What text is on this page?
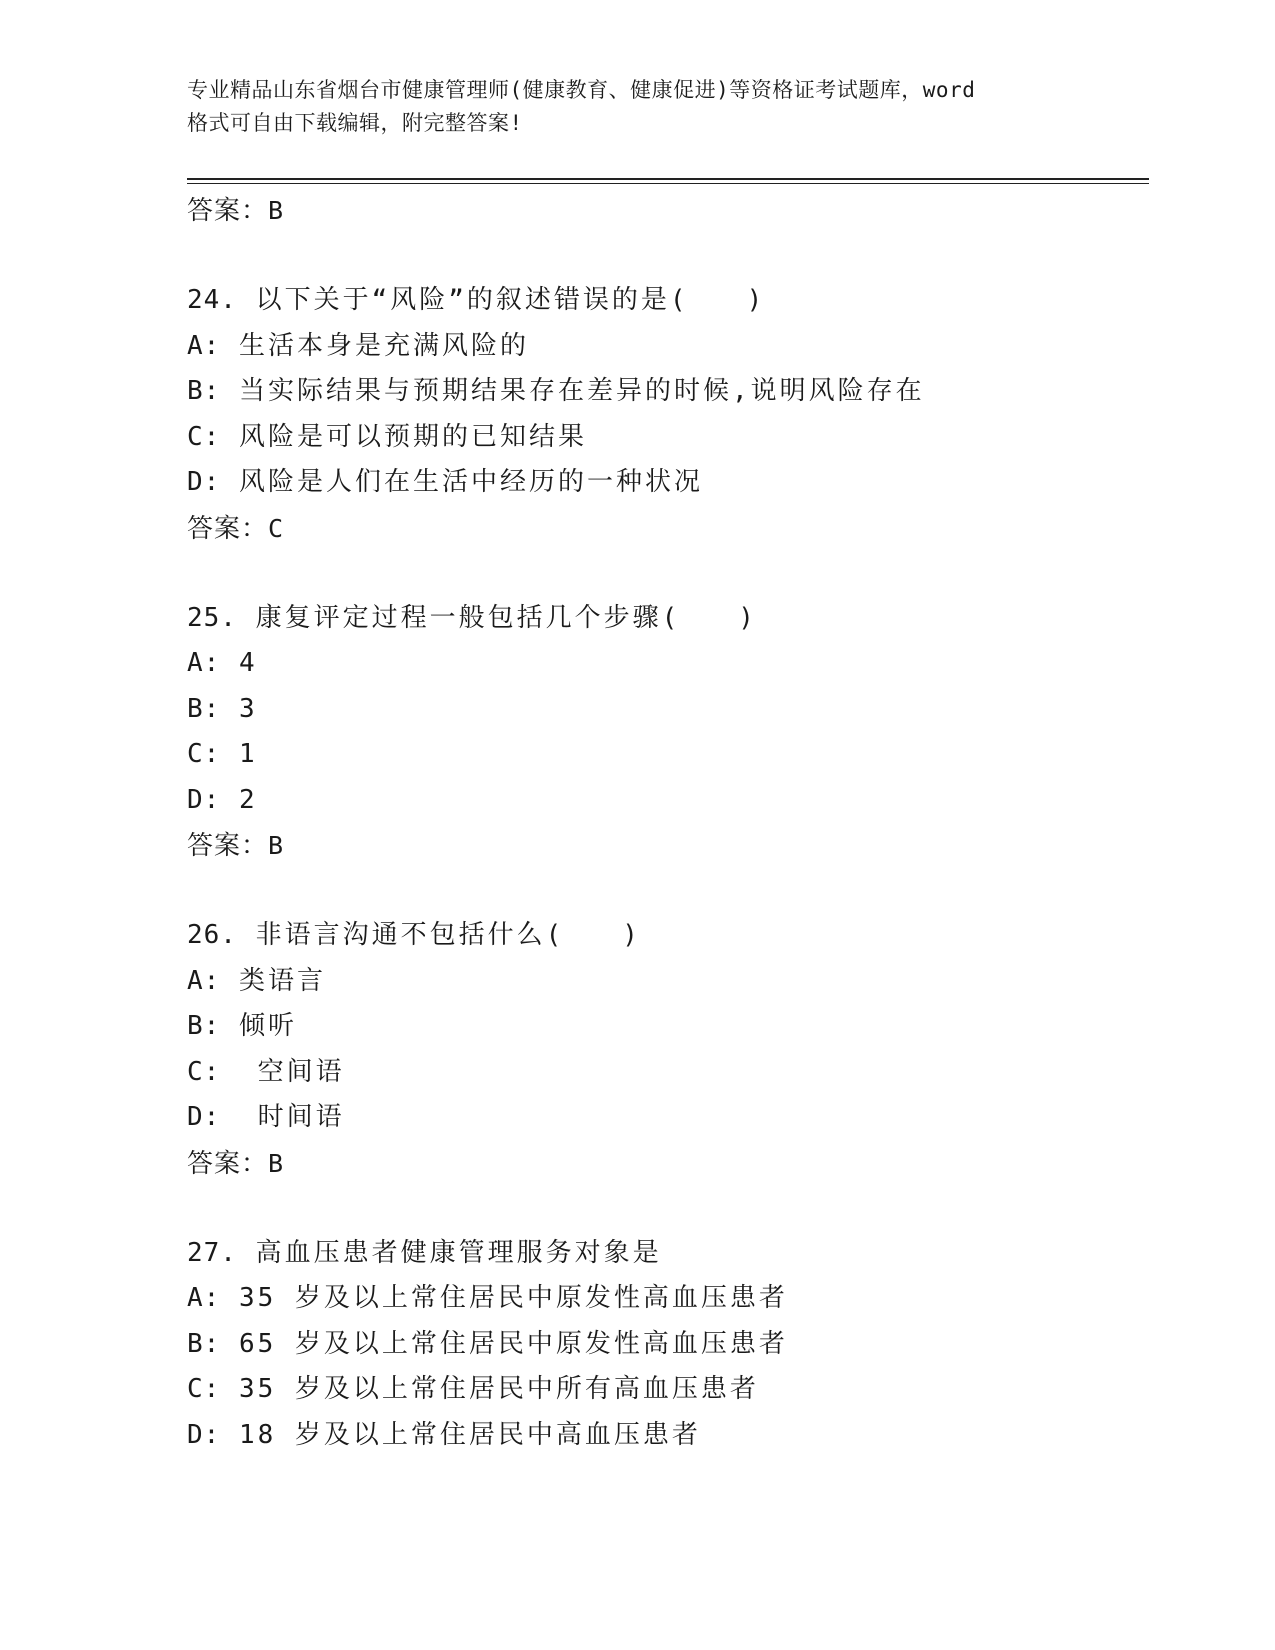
专业精品山东省烟台市健康管理师(健康教育、健康促进)等资格证考试题库，word
格式可自由下载编辑，附完整答案!
答案：B
24. 以下关于“风险”的叙述错误的是(　　)
A: 生活本身是充满风险的
B: 当实际结果与预期结果存在差异的时候,说明风险存在
C: 风险是可以预期的已知结果
D: 风险是人们在生活中经历的一种状况
答案：C
25. 康复评定过程一般包括几个步骤(　　)
A: 4
B: 3
C: 1
D: 2
答案：B
26. 非语言沟通不包括什么(　　)
A: 类语言
B: 倾听
C:  空间语
D:  时间语
答案：B
27. 高血压患者健康管理服务对象是
A: 35 岁及以上常住居民中原发性高血压患者
B: 65 岁及以上常住居民中原发性高血压患者
C: 35 岁及以上常住居民中所有高血压患者
D: 18 岁及以上常住居民中高血压患者
